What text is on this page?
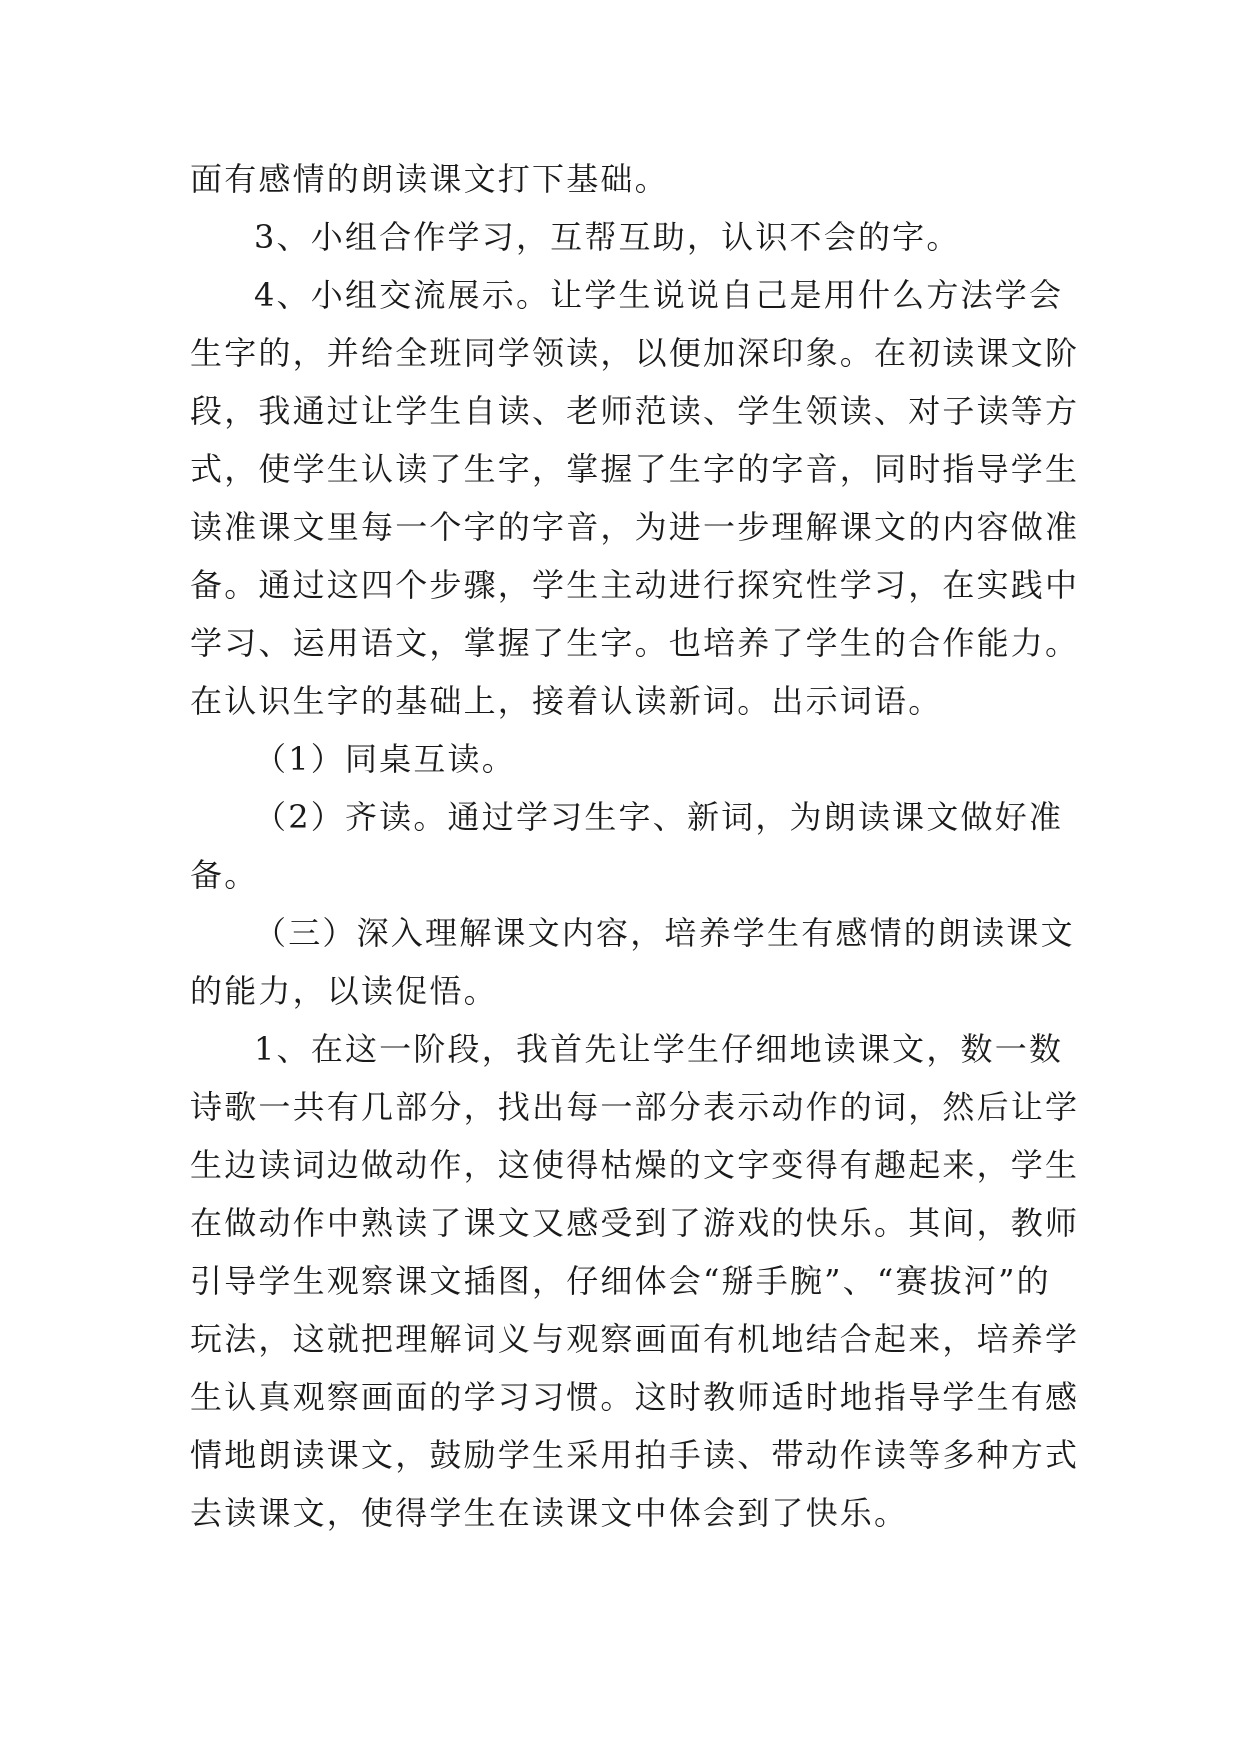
面有感情的朗读课文打下基础。
3、小组合作学习，互帮互助，认识不会的字。
4、小组交流展示。让学生说说自己是用什么方法学会
生字的，并给全班同学领读，以便加深印象。在初读课文阶
段，我通过让学生自读、老师范读、学生领读、对子读等方
式，使学生认读了生字，掌握了生字的字音，同时指导学生
读准课文里每一个字的字音，为进一步理解课文的内容做准
备。通过这四个步骤，学生主动进行探究性学习，在实践中
学习、运用语文，掌握了生字。也培养了学生的合作能力。
在认识生字的基础上，接着认读新词。出示词语。
（1）同桌互读。
（2）齐读。通过学习生字、新词，为朗读课文做好准
备。
（三）深入理解课文内容，培养学生有感情的朗读课文
的能力，以读促悟。
1、在这一阶段，我首先让学生仔细地读课文，数一数
诗歌一共有几部分，找出每一部分表示动作的词，然后让学
生边读词边做动作，这使得枯燥的文字变得有趣起来，学生
在做动作中熟读了课文又感受到了游戏的快乐。其间，教师
引导学生观察课文插图，仔细体会“掰手腕”、“赛拔河”的
玩法，这就把理解词义与观察画面有机地结合起来，培养学
生认真观察画面的学习习惯。这时教师适时地指导学生有感
情地朗读课文，鼓励学生采用拍手读、带动作读等多种方式
去读课文，使得学生在读课文中体会到了快乐。
